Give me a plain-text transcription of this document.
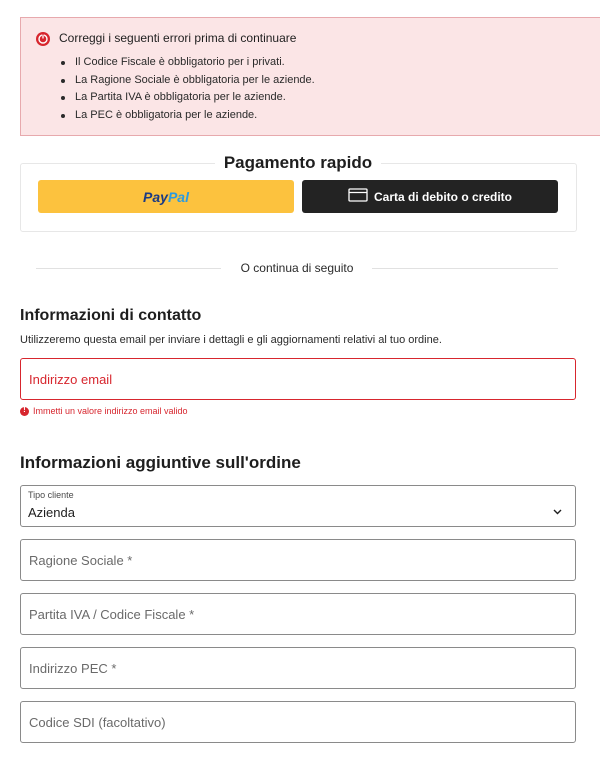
Correggi i seguenti errori prima di continuare
Il Codice Fiscale è obbligatorio per i privati.
La Ragione Sociale è obbligatoria per le aziende.
La Partita IVA è obbligatoria per le aziende.
La PEC è obbligatoria per le aziende.
Pagamento rapido
Pay Pal	Carta di debito o credito
O continua di seguito
Informazioni di contatto
Utilizzeremo questa email per inviare i dettagli e gli aggiornamenti relativi al tuo ordine.
Indirizzo email
!
Immetti un valore indirizzo email valido
Informazioni aggiuntive sull'ordine
Tipo cliente
Azienda
Ragione Sociale *
Partita IVA / Codice Fiscale *
Indirizzo PEC *
Codice SDI (facoltativo)
